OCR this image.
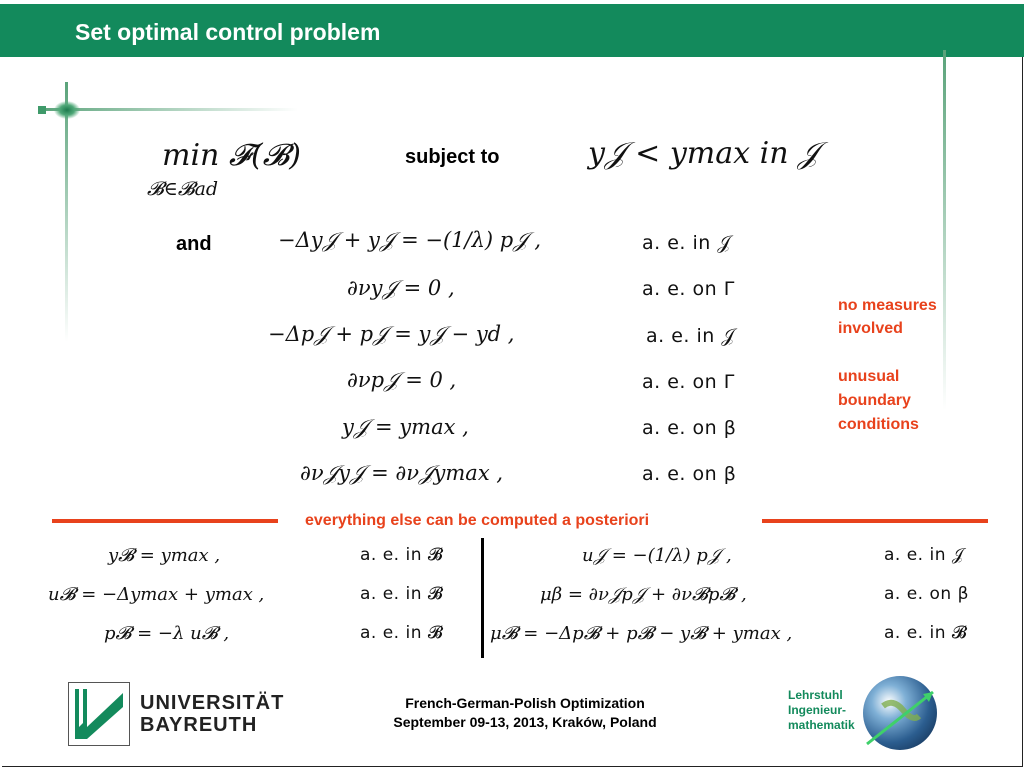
Set optimal control problem
min 𝓕(𝓑)
𝓑∈𝓑ad
subject to	y𝒥 < ymax in 𝒥
and	−Δy𝒥 + y𝒥 = −(1/λ) p𝒥 ,	a. e. in 𝒥
∂νy𝒥 = 0 ,	a. e. on Γ
−Δp𝒥 + p𝒥 = y𝒥 − yd ,	a. e. in 𝒥
∂νp𝒥 = 0 ,	a. e. on Γ
y𝒥 = ymax ,	a. e. on β
∂ν𝒥y𝒥 = ∂ν𝒥ymax ,	a. e. on β
no measures
involved
unusual
boundary
conditions
everything else can be computed a posteriori
y𝓑 = ymax ,	a. e. in 𝓑
u𝓑 = −Δymax + ymax ,	a. e. in 𝓑
p𝓑 = −λ u𝓑 ,	a. e. in 𝓑
u𝒥 = −(1/λ) p𝒥 ,	a. e. in 𝒥
μβ = ∂ν𝒥p𝒥 + ∂ν𝓑p𝓑 ,	a. e. on β
μ𝓑 = −Δp𝓑 + p𝓑 − y𝓑 + ymax ,	a. e. in 𝓑
UNIVERSITÄT
BAYREUTH
French-German-Polish Optimization
September 09-13, 2013, Kraków, Poland
Lehrstuhl
Ingenieur-
mathematik
